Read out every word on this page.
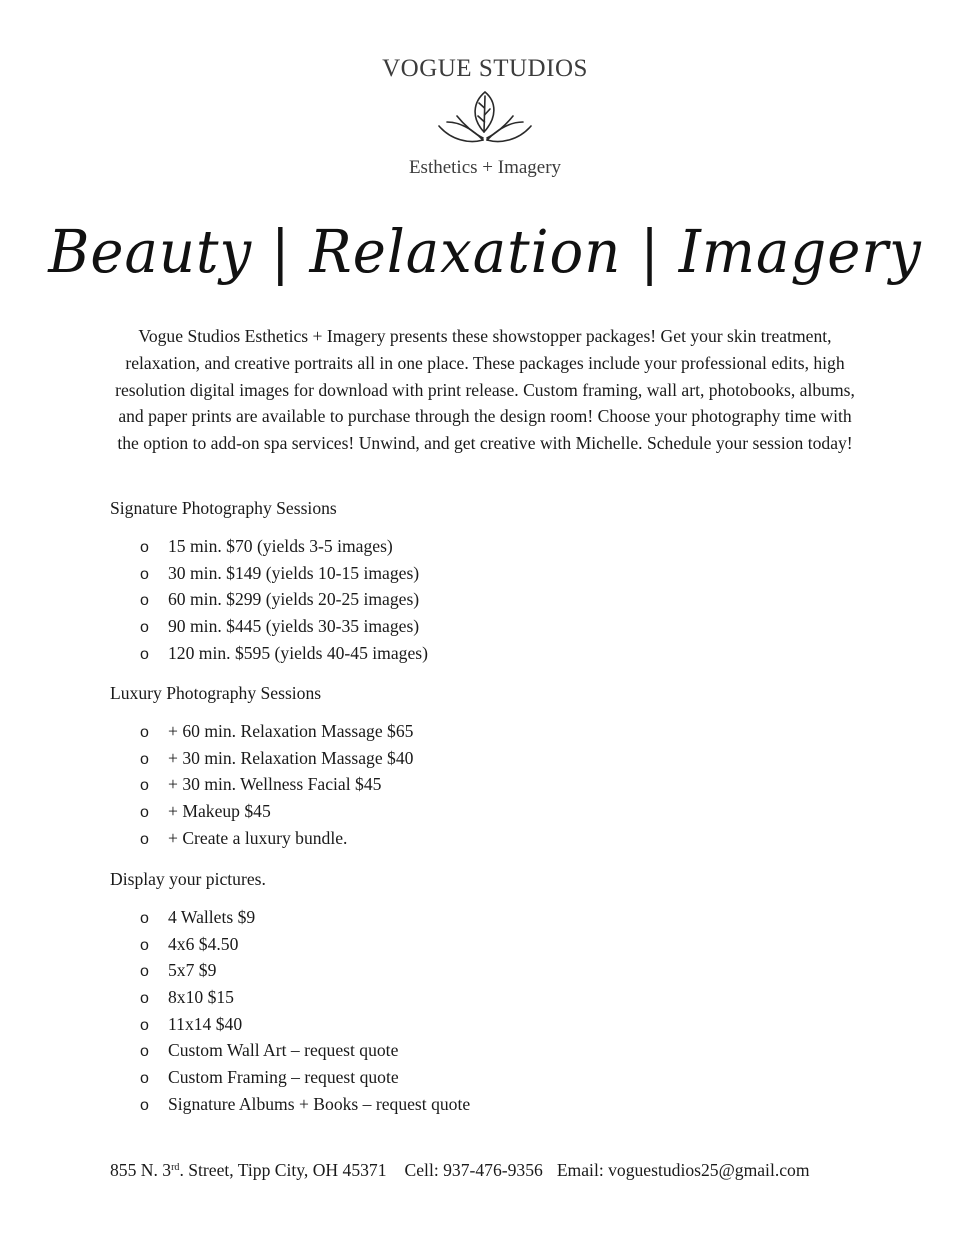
VOGUE STUDIOS
Esthetics + Imagery
Beauty | Relaxation | Imagery
Vogue Studios Esthetics + Imagery presents these showstopper packages! Get your skin treatment, relaxation, and creative portraits all in one place. These packages include your professional edits, high resolution digital images for download with print release. Custom framing, wall art, photobooks, albums, and paper prints are available to purchase through the design room! Choose your photography time with the option to add-on spa services! Unwind, and get creative with Michelle. Schedule your session today!
Signature Photography Sessions
o 15 min. $70 (yields 3-5 images)
o 30 min. $149 (yields 10-15 images)
o 60 min. $299 (yields 20-25 images)
o 90 min. $445 (yields 30-35 images)
o 120 min. $595 (yields 40-45 images)
Luxury Photography Sessions
o + 60 min. Relaxation Massage $65
o + 30 min. Relaxation Massage $40
o + 30 min. Wellness Facial $45
o + Makeup $45
o + Create a luxury bundle.
Display your pictures.
o 4 Wallets $9
o 4x6 $4.50
o 5x7 $9
o 8x10 $15
o 11x14 $40
o Custom Wall Art – request quote
o Custom Framing – request quote
o Signature Albums + Books – request quote
855 N. 3rd. Street, Tipp City, OH 45371 Cell: 937-476-9356 Email: voguestudios25@gmail.com
